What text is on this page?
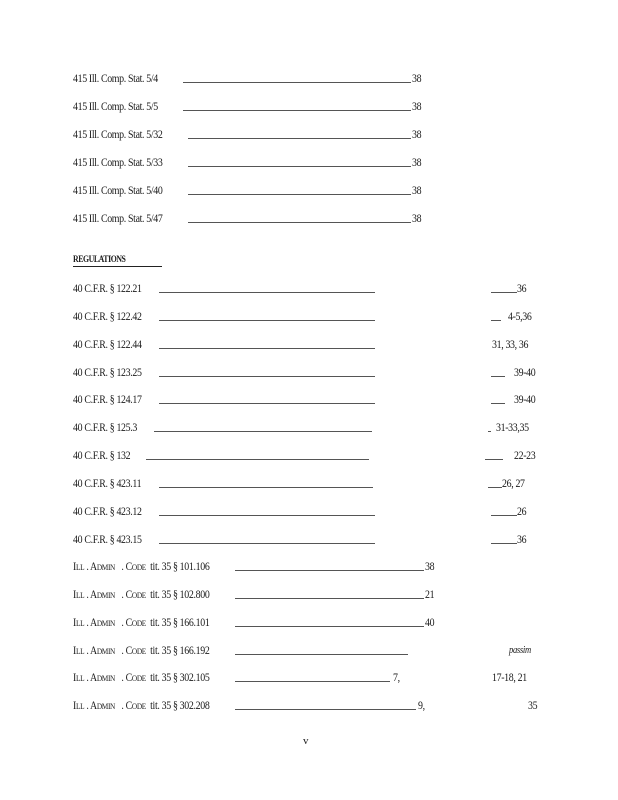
415 Ill. Comp. Stat. 5/4	38
415 Ill. Comp. Stat. 5/5	38
415 Ill. Comp. Stat. 5/32	38
415 Ill. Comp. Stat. 5/33	38
415 Ill. Comp. Stat. 5/40	38
415 Ill. Comp. Stat. 5/47	38
REGULATIONS
40 C.F.R. § 122.21	36
40 C.F.R. § 122.42	4-5,36
40 C.F.R. § 122.44	31, 33, 36
40 C.F.R. § 123.25	39-40
40 C.F.R. § 124.17	39-40
40 C.F.R. § 125.3	31-33,35
40 C.F.R. § 132	22-23
40 C.F.R. § 423.11	26, 27
40 C.F.R. § 423.12	26
40 C.F.R. § 423.15	36
ILL . ADMIN   . CODE tit. 35 § 101.106	38
ILL . ADMIN   . CODE tit. 35 § 102.800	21
ILL . ADMIN   . CODE tit. 35 § 166.101	40
ILL . ADMIN   . CODE tit. 35 § 166.192	passim
ILL . ADMIN   . CODE tit. 35 § 302.105	7,	17-18, 21
ILL . ADMIN   . CODE tit. 35 § 302.208	9,	35
v
